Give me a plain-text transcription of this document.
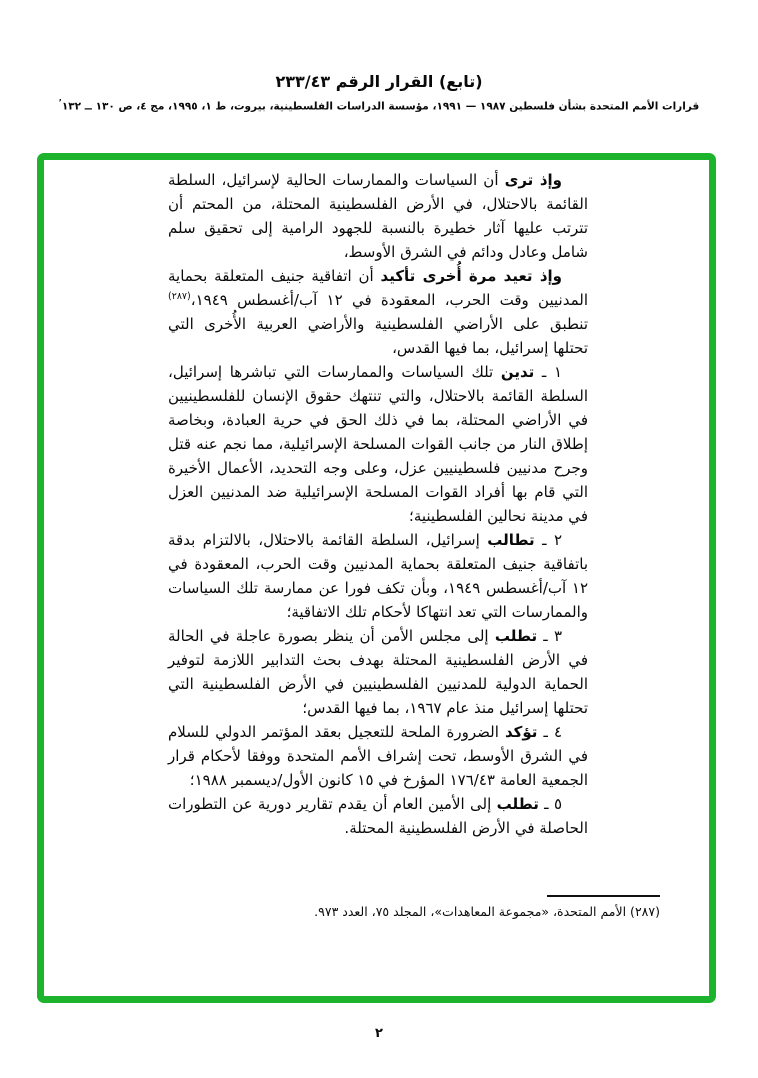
(تابع) القرار الرقم ٢٣٣/٤٣
قرارات الأمم المتحدة بشأن فلسطين ١٩٨٧ — ١٩٩١، مؤسسة الدراسات الفلسطينية، بيروت، ط ١، ١٩٩٥، مج ٤، ص ١٣٠ ــ ١٣٢’

وإذ ترى أن السياسات والممارسات الحالية لإسرائيل، السلطة القائمة بالاحتلال، في الأرض الفلسطينية المحتلة، من المحتم أن تترتب عليها آثار خطيرة بالنسبة للجهود الرامية إلى تحقيق سلم شامل وعادل ودائم في الشرق الأوسط،

وإذ تعيد مرة أُخرى تأكيد أن اتفاقية جنيف المتعلقة بحماية المدنيين وقت الحرب، المعقودة في ١٢ آب/أغسطس ١٩٤٩،$^{(٢٨٧)}$ تنطبق على الأراضي الفلسطينية والأراضي العربية الأُخرى التي تحتلها إسرائيل، بما فيها القدس،

١ ـ تدين تلك السياسات والممارسات التي تباشرها إسرائيل، السلطة القائمة بالاحتلال، والتي تنتهك حقوق الإنسان للفلسطينيين في الأراضي المحتلة، بما في ذلك الحق في حرية العبادة، وبخاصة إطلاق النار من جانب القوات المسلحة الإسرائيلية، مما نجم عنه قتل وجرح مدنيين فلسطينيين عزل، وعلى وجه التحديد، الأعمال الأخيرة التي قام بها أفراد القوات المسلحة الإسرائيلية ضد المدنيين العزل في مدينة نحالين الفلسطينية؛

٢ ـ تطالب إسرائيل، السلطة القائمة بالاحتلال، بالالتزام بدقة باتفاقية جنيف المتعلقة بحماية المدنيين وقت الحرب، المعقودة في ١٢ آب/أغسطس ١٩٤٩، وبأن تكف فورا عن ممارسة تلك السياسات والممارسات التي تعد انتهاكا لأحكام تلك الاتفاقية؛

٣ ـ تطلب إلى مجلس الأمن أن ينظر بصورة عاجلة في الحالة في الأرض الفلسطينية المحتلة بهدف بحث التدابير اللازمة لتوفير الحماية الدولية للمدنيين الفلسطينيين في الأرض الفلسطينية التي تحتلها إسرائيل منذ عام ١٩٦٧، بما فيها القدس؛

٤ ـ تؤكد الضرورة الملحة للتعجيل بعقد المؤتمر الدولي للسلام في الشرق الأوسط، تحت إشراف الأمم المتحدة ووفقا لأحكام قرار الجمعية العامة ١٧٦/٤٣ المؤرخ في ١٥ كانون الأول/ديسمبر ١٩٨٨؛

٥ ـ تطلب إلى الأمين العام أن يقدم تقارير دورية عن التطورات الحاصلة في الأرض الفلسطينية المحتلة.

(٢٨٧) الأمم المتحدة، «مجموعة المعاهدات»، المجلد ٧٥، العدد ٩٧٣.
٢
